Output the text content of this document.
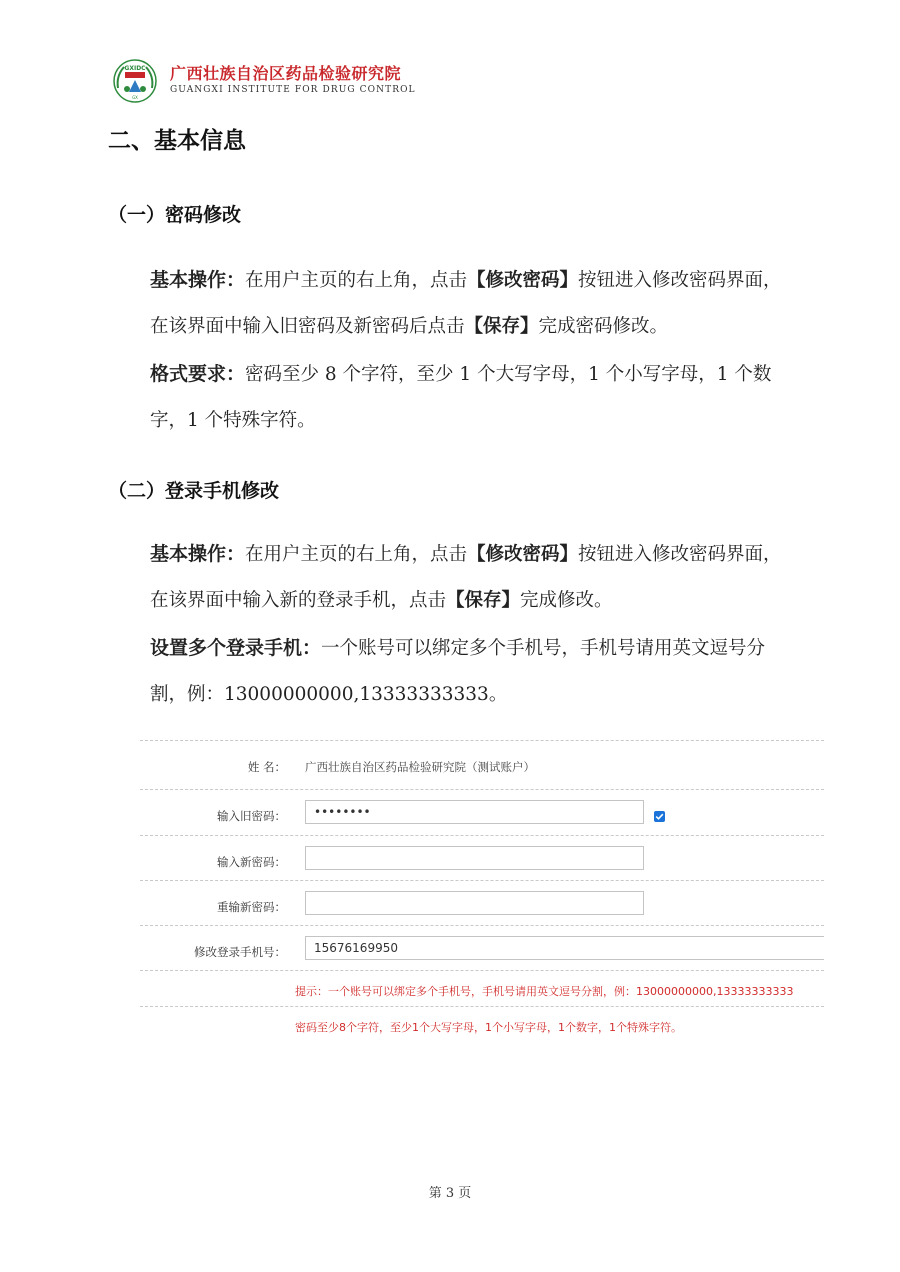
GXIDC
GX
广西壮族自治区药品检验研究院
GUANGXI INSTITUTE FOR DRUG CONTROL
二、基本信息
（一）密码修改
基本操作：在用户主页的右上角，点击【修改密码】按钮进入修改密码界面，在该界面中输入旧密码及新密码后点击【保存】完成密码修改。
格式要求：密码至少 8 个字符，至少 1 个大写字母，1 个小写字母，1 个数字，1 个特殊字符。
（二）登录手机修改
基本操作：在用户主页的右上角，点击【修改密码】按钮进入修改密码界面，在该界面中输入新的登录手机，点击【保存】完成修改。
设置多个登录手机：一个账号可以绑定多个手机号，手机号请用英文逗号分割，例：13000000000,13333333333。
姓 名： 广西壮族自治区药品检验研究院（测试账户）
输入旧密码：	••••••••
输入新密码：
重输新密码：
修改登录手机号：	15676169950
提示：一个账号可以绑定多个手机号，手机号请用英文逗号分割，例：13000000000,13333333333
密码至少8个字符，至少1个大写字母，1个小写字母，1个数字，1个特殊字符。
第 3 页
